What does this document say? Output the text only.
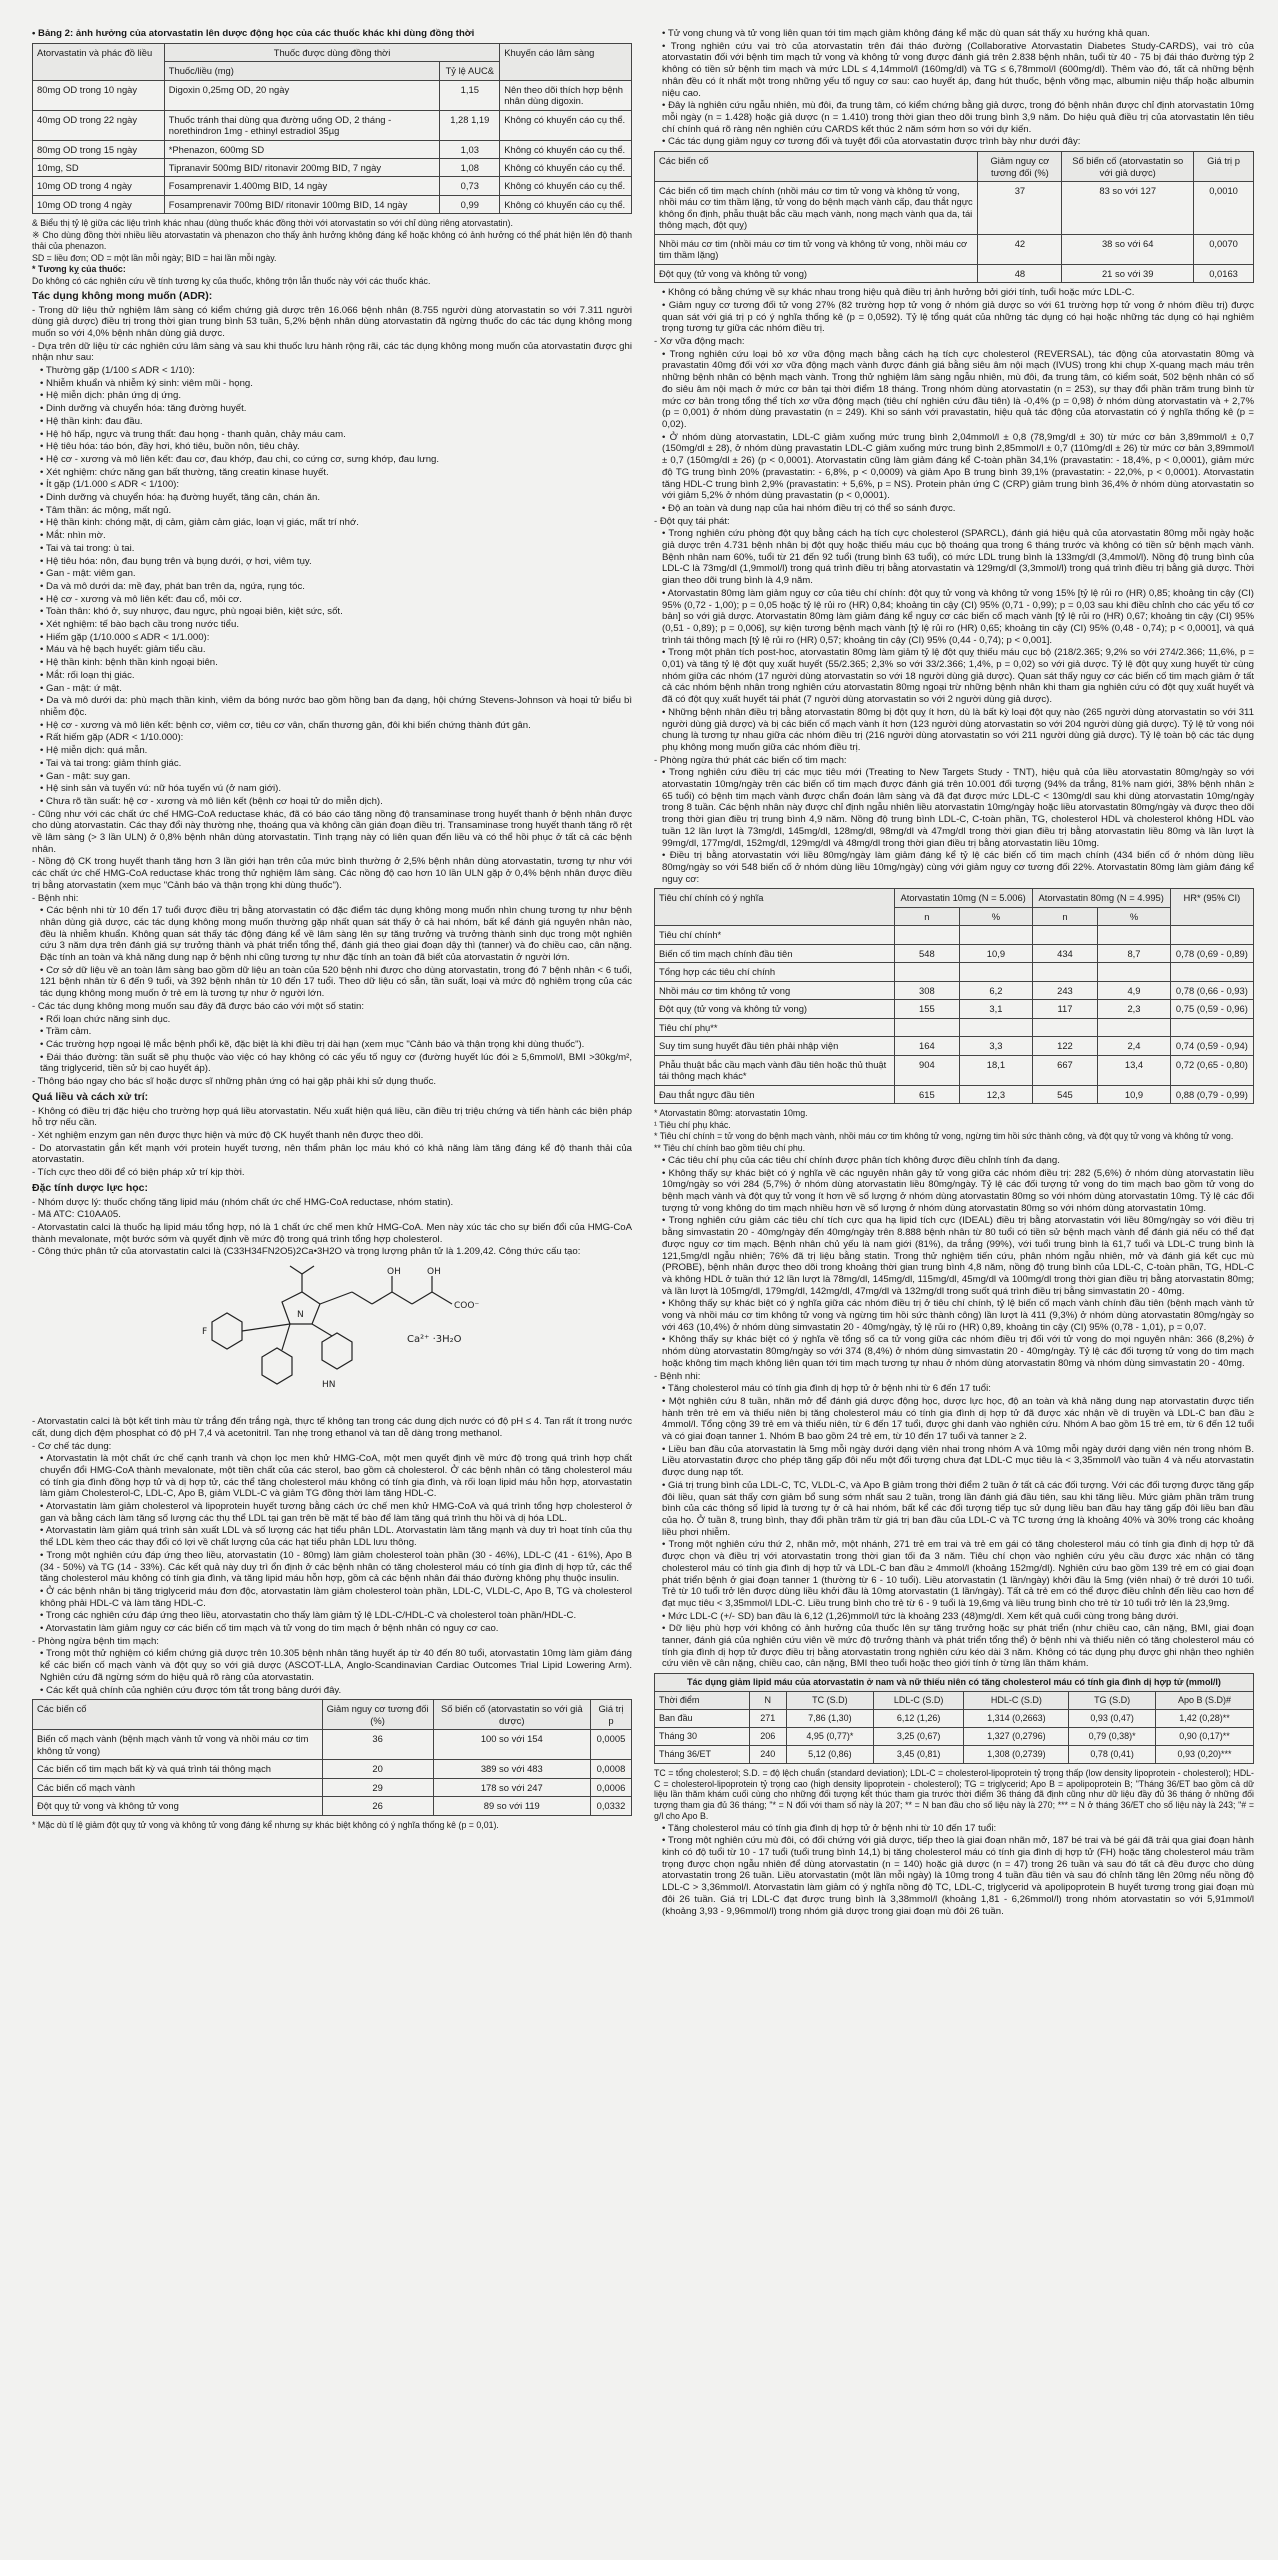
• Bảng 2: ảnh hưởng của atorvastatin lên dược động học của các thuốc khác khi dùng đồng thời

Atorvastatin và phác đồ liều	Thuốc được dùng đồng thời		Khuyến cáo lâm sàng
	Thuốc/liều (mg)	Tỷ lệ AUC&	
80mg OD trong 10 ngày	Digoxin 0,25mg OD, 20 ngày	1,15	Nên theo dõi thích hợp bệnh nhân dùng digoxin.
40mg OD trong 22 ngày	Thuốc tránh thai dùng qua đường uống OD, 2 tháng - norethindron 1mg - ethinyl estradiol 35µg	1,28 1,19	Không có khuyến cáo cụ thể.
80mg OD trong 15 ngày	*Phenazon, 600mg SD	1,03	Không có khuyến cáo cụ thể.
10mg, SD	Tipranavir 500mg BID/ ritonavir 200mg BID, 7 ngày	1,08	Không có khuyến cáo cụ thể.
10mg OD trong 4 ngày	Fosamprenavir 1.400mg BID, 14 ngày	0,73	Không có khuyến cáo cụ thể.
10mg OD trong 4 ngày	Fosamprenavir 700mg BID/ ritonavir 100mg BID, 14 ngày	0,99	Không có khuyến cáo cụ thể.

& Biểu thị tỷ lệ giữa các liệu trình khác nhau (dùng thuốc khác đồng thời với atorvastatin so với chỉ dùng riêng atorvastatin).

※ Cho dùng đồng thời nhiều liều atorvastatin và phenazon cho thấy ảnh hưởng không đáng kể hoặc không có ảnh hưởng có thể phát hiện lên độ thanh thải của phenazon.

SD = liều đơn; OD = một lần mỗi ngày; BID = hai lần mỗi ngày.

* Tương kỵ của thuốc:

Do không có các nghiên cứu về tính tương kỵ của thuốc, không trộn lẫn thuốc này với các thuốc khác.

Tác dụng không mong muốn (ADR):

- Trong dữ liệu thử nghiệm lâm sàng có kiểm chứng giả dược trên 16.066 bệnh nhân (8.755 người dùng atorvastatin so với 7.311 người dùng giả dược) điều trị trong thời gian trung bình 53 tuần, 5,2% bệnh nhân dùng atorvastatin đã ngừng thuốc do các tác dụng không mong muốn so với 4,0% bệnh nhân dùng giả dược.

- Dựa trên dữ liệu từ các nghiên cứu lâm sàng và sau khi thuốc lưu hành rộng rãi, các tác dụng không mong muốn của atorvastatin được ghi nhận như sau:

• Thường gặp (1/100 ≤ ADR < 1/10):

• Nhiễm khuẩn và nhiễm ký sinh: viêm mũi - họng.

• Hệ miễn dịch: phản ứng dị ứng.

• Dinh dưỡng và chuyển hóa: tăng đường huyết.

• Hệ thần kinh: đau đầu.

• Hệ hô hấp, ngực và trung thất: đau họng - thanh quản, chảy máu cam.

• Hệ tiêu hóa: táo bón, đầy hơi, khó tiêu, buồn nôn, tiêu chảy.

• Hệ cơ - xương và mô liên kết: đau cơ, đau khớp, đau chi, co cứng cơ, sưng khớp, đau lưng.

• Xét nghiệm: chức năng gan bất thường, tăng creatin kinase huyết.

• Ít gặp (1/1.000 ≤ ADR < 1/100):

• Dinh dưỡng và chuyển hóa: hạ đường huyết, tăng cân, chán ăn.

• Tâm thần: ác mộng, mất ngủ.

• Hệ thần kinh: chóng mặt, dị cảm, giảm cảm giác, loạn vị giác, mất trí nhớ.

• Mắt: nhìn mờ.

• Tai và tai trong: ù tai.

• Hệ tiêu hóa: nôn, đau bụng trên và bụng dưới, ợ hơi, viêm tụy.

• Gan - mật: viêm gan.

• Da và mô dưới da: mề đay, phát ban trên da, ngứa, rụng tóc.

• Hệ cơ - xương và mô liên kết: đau cổ, mỏi cơ.

• Toàn thân: khó ở, suy nhược, đau ngực, phù ngoại biên, kiệt sức, sốt.

• Xét nghiệm: tế bào bạch cầu trong nước tiểu.

• Hiếm gặp (1/10.000 ≤ ADR < 1/1.000):

• Máu và hệ bạch huyết: giảm tiểu cầu.

• Hệ thần kinh: bệnh thần kinh ngoại biên.

• Mắt: rối loạn thị giác.

• Gan - mật: ứ mật.

• Da và mô dưới da: phù mạch thần kinh, viêm da bóng nước bao gồm hồng ban đa dạng, hội chứng Stevens-Johnson và hoại tử biểu bì nhiễm độc.

• Hệ cơ - xương và mô liên kết: bệnh cơ, viêm cơ, tiêu cơ vân, chấn thương gân, đôi khi biến chứng thành đứt gân.

• Rất hiếm gặp (ADR < 1/10.000):

• Hệ miễn dịch: quá mẫn.

• Tai và tai trong: giảm thính giác.

• Gan - mật: suy gan.

• Hệ sinh sản và tuyến vú: nữ hóa tuyến vú (ở nam giới).

• Chưa rõ tần suất: hệ cơ - xương và mô liên kết (bệnh cơ hoại tử do miễn dịch).

- Cũng như với các chất ức chế HMG-CoA reductase khác, đã có báo cáo tăng nồng độ transaminase trong huyết thanh ở bệnh nhân được cho dùng atorvastatin. Các thay đổi này thường nhẹ, thoáng qua và không cần gián đoạn điều trị. Transaminase trong huyết thanh tăng rõ rệt về lâm sàng (> 3 lần ULN) ở 0,8% bệnh nhân dùng atorvastatin. Tình trạng này có liên quan đến liều và có thể hồi phục ở tất cả các bệnh nhân.

- Nồng độ CK trong huyết thanh tăng hơn 3 lần giới hạn trên của mức bình thường ở 2,5% bệnh nhân dùng atorvastatin, tương tự như với các chất ức chế HMG-CoA reductase khác trong thử nghiệm lâm sàng. Các nồng độ cao hơn 10 lần ULN gặp ở 0,4% bệnh nhân được điều trị bằng atorvastatin (xem mục "Cảnh báo và thận trọng khi dùng thuốc").

- Bệnh nhi:

• Các bệnh nhi từ 10 đến 17 tuổi được điều trị bằng atorvastatin có đặc điểm tác dụng không mong muốn nhìn chung tương tự như bệnh nhân dùng giả dược, các tác dụng không mong muốn thường gặp nhất quan sát thấy ở cả hai nhóm, bất kể đánh giá nguyên nhân nào, đều là nhiễm khuẩn. Không quan sát thấy tác động đáng kể về lâm sàng lên sự tăng trưởng và trưởng thành sinh dục trong một nghiên cứu 3 năm dựa trên đánh giá sự trưởng thành và phát triển tổng thể, đánh giá theo giai đoạn dậy thì (tanner) và đo chiều cao, cân nặng. Đặc tính an toàn và khả năng dung nạp ở bệnh nhi cũng tương tự như đặc tính an toàn đã biết của atorvastatin ở người lớn.

• Cơ sở dữ liệu về an toàn lâm sàng bao gồm dữ liệu an toàn của 520 bệnh nhi được cho dùng atorvastatin, trong đó 7 bệnh nhân < 6 tuổi, 121 bệnh nhân từ 6 đến 9 tuổi, và 392 bệnh nhân từ 10 đến 17 tuổi. Theo dữ liệu có sẵn, tần suất, loại và mức độ nghiêm trọng của các tác dụng không mong muốn ở trẻ em là tương tự như ở người lớn.

- Các tác dụng không mong muốn sau đây đã được báo cáo với một số statin:

• Rối loạn chức năng sinh dục.

• Trầm cảm.

• Các trường hợp ngoại lệ mắc bệnh phổi kẽ, đặc biệt là khi điều trị dài hạn (xem mục "Cảnh báo và thận trọng khi dùng thuốc").

• Đái tháo đường: tần suất sẽ phụ thuộc vào việc có hay không có các yếu tố nguy cơ (đường huyết lúc đói ≥ 5,6mmol/l, BMI >30kg/m², tăng triglycerid, tiền sử bị cao huyết áp).

- Thông báo ngay cho bác sĩ hoặc dược sĩ những phản ứng có hại gặp phải khi sử dụng thuốc.

Quá liều và cách xử trí:

- Không có điều trị đặc hiệu cho trường hợp quá liều atorvastatin. Nếu xuất hiện quá liều, cần điều trị triệu chứng và tiến hành các biện pháp hỗ trợ nếu cần.

- Xét nghiệm enzym gan nên được thực hiện và mức độ CK huyết thanh nên được theo dõi.

- Do atorvastatin gắn kết mạnh với protein huyết tương, nên thẩm phân lọc máu khó có khả năng làm tăng đáng kể độ thanh thải của atorvastatin.

- Tích cực theo dõi để có biện pháp xử trí kịp thời.

Đặc tính dược lực học:

- Nhóm dược lý: thuốc chống tăng lipid máu (nhóm chất ức chế HMG-CoA reductase, nhóm statin).

- Mã ATC: C10AA05.

- Atorvastatin calci là thuốc hạ lipid máu tổng hợp, nó là 1 chất ức chế men khử HMG-CoA. Men này xúc tác cho sự biến đổi của HMG-CoA thành mevalonate, một bước sớm và quyết định về mức độ trong quá trình tổng hợp cholesterol.

- Công thức phân tử của atorvastatin calci là (C33H34FN2O5)2Ca•3H2O và trọng lượng phân tử là 1.209,42. Công thức cấu tạo:

F
N
OH	OH
COO⁻
HN
Ca²⁺ ·3H₂O

- Atorvastatin calci là bột kết tinh màu từ trắng đến trắng ngà, thực tế không tan trong các dung dịch nước có độ pH ≤ 4. Tan rất ít trong nước cất, dung dịch đệm phosphat có độ pH 7,4 và acetonitril. Tan nhẹ trong ethanol và tan dễ dàng trong methanol.

- Cơ chế tác dụng:

• Atorvastatin là một chất ức chế cạnh tranh và chọn lọc men khử HMG-CoA, một men quyết định về mức độ trong quá trình hợp chất chuyển đổi HMG-CoA thành mevalonate, một tiền chất của các sterol, bao gồm cả cholesterol. Ở các bệnh nhân có tăng cholesterol máu có tính gia đình đồng hợp tử và dị hợp tử, các thể tăng cholesterol máu không có tính gia đình, và rối loạn lipid máu hỗn hợp, atorvastatin làm giảm Cholesterol-C, LDL-C, Apo B, giảm VLDL-C và giảm TG đồng thời làm tăng HDL-C.

• Atorvastatin làm giảm cholesterol và lipoprotein huyết tương bằng cách ức chế men khử HMG-CoA và quá trình tổng hợp cholesterol ở gan và bằng cách làm tăng số lượng các thụ thể LDL tại gan trên bề mặt tế bào để làm tăng quá trình thu hồi và dị hóa LDL.

• Atorvastatin làm giảm quá trình sản xuất LDL và số lượng các hạt tiểu phân LDL. Atorvastatin làm tăng mạnh và duy trì hoạt tính của thụ thể LDL kèm theo các thay đổi có lợi về chất lượng của các hạt tiểu phân LDL lưu thông.

• Trong một nghiên cứu đáp ứng theo liều, atorvastatin (10 - 80mg) làm giảm cholesterol toàn phần (30 - 46%), LDL-C (41 - 61%), Apo B (34 - 50%) và TG (14 - 33%). Các kết quả này duy trì ổn định ở các bệnh nhân có tăng cholesterol máu có tính gia đình dị hợp tử, các thể tăng cholesterol máu không có tính gia đình, và tăng lipid máu hỗn hợp, gồm cả các bệnh nhân đái tháo đường không phụ thuộc insulin.

• Ở các bệnh nhân bị tăng triglycerid máu đơn độc, atorvastatin làm giảm cholesterol toàn phần, LDL-C, VLDL-C, Apo B, TG và cholesterol không phải HDL-C và làm tăng HDL-C.

• Trong các nghiên cứu đáp ứng theo liều, atorvastatin cho thấy làm giảm tỷ lệ LDL-C/HDL-C và cholesterol toàn phần/HDL-C.

• Atorvastatin làm giảm nguy cơ các biến cố tim mạch và tử vong do tim mạch ở bệnh nhân có nguy cơ cao.

- Phòng ngừa bệnh tim mạch:

• Trong một thử nghiệm có kiểm chứng giả dược trên 10.305 bệnh nhân tăng huyết áp từ 40 đến 80 tuổi, atorvastatin 10mg làm giảm đáng kể các biến cố mạch vành và đột quỵ so với giả dược (ASCOT-LLA, Anglo-Scandinavian Cardiac Outcomes Trial Lipid Lowering Arm). Nghiên cứu đã ngừng sớm do hiệu quả rõ ràng của atorvastatin.

• Các kết quả chính của nghiên cứu được tóm tắt trong bảng dưới đây.

Các biến cố	Giảm nguy cơ tương đối (%)	Số biến cố (atorvastatin so với giả dược)	Giá trị p
Biến cố mạch vành (bệnh mạch vành tử vong và nhồi máu cơ tim không tử vong)	36	100 so với 154	0,0005
Các biến cố tim mạch bất kỳ và quá trình tái thông mạch	20	389 so với 483	0,0008
Các biến cố mạch vành	29	178 so với 247	0,0006
Đột quỵ tử vong và không tử vong	26	89 so với 119	0,0332

* Mặc dù tỉ lệ giảm đột quỵ tử vong và không tử vong đáng kể nhưng sự khác biệt không có ý nghĩa thống kê (p = 0,01).

• Tử vong chung và tử vong liên quan tới tim mạch giảm không đáng kể mặc dù quan sát thấy xu hướng khả quan.

• Trong nghiên cứu vai trò của atorvastatin trên đái tháo đường (Collaborative Atorvastatin Diabetes Study-CARDS), vai trò của atorvastatin đối với bệnh tim mạch tử vong và không tử vong được đánh giá trên 2.838 bệnh nhân, tuổi từ 40 - 75 bị đái tháo đường týp 2 không có tiền sử bệnh tim mạch và mức LDL ≤ 4,14mmol/l (160mg/dl) và TG ≤ 6,78mmol/l (600mg/dl). Thêm vào đó, tất cả những bệnh nhân đều có ít nhất một trong những yếu tố nguy cơ sau: cao huyết áp, đang hút thuốc, bệnh võng mạc, albumin niệu thấp hoặc albumin niệu cao.

• Đây là nghiên cứu ngẫu nhiên, mù đôi, đa trung tâm, có kiểm chứng bằng giả dược, trong đó bệnh nhân được chỉ định atorvastatin 10mg mỗi ngày (n = 1.428) hoặc giả dược (n = 1.410) trong thời gian theo dõi trung bình 3,9 năm. Do hiệu quả điều trị của atorvastatin lên tiêu chí chính quá rõ ràng nên nghiên cứu CARDS kết thúc 2 năm sớm hơn so với dự kiến.

• Các tác dụng giảm nguy cơ tương đối và tuyệt đối của atorvastatin được trình bày như dưới đây:

Các biến cố	Giảm nguy cơ tương đối (%)	Số biến cố (atorvastatin so với giả dược)	Giá trị p
Các biến cố tim mạch chính (nhồi máu cơ tim tử vong và không tử vong, nhồi máu cơ tim thầm lặng, tử vong do bệnh mạch vành cấp, đau thắt ngực không ổn định, phẫu thuật bắc cầu mạch vành, nong mạch vành qua da, tái thông mạch, đột quỵ)	37	83 so với 127	0,0010
Nhồi máu cơ tim (nhồi máu cơ tim tử vong và không tử vong, nhồi máu cơ tim thầm lặng)	42	38 so với 64	0,0070
Đột quỵ (tử vong và không tử vong)	48	21 so với 39	0,0163

• Không có bằng chứng về sự khác nhau trong hiệu quả điều trị ảnh hưởng bởi giới tính, tuổi hoặc mức LDL-C.

• Giảm nguy cơ tương đối tử vong 27% (82 trường hợp tử vong ở nhóm giả dược so với 61 trường hợp tử vong ở nhóm điều trị) được quan sát với giá trị p có ý nghĩa thống kê (p = 0,0592). Tỷ lệ tổng quát của những tác dụng có hại hoặc những tác dụng có hại nghiêm trọng tương tự giữa các nhóm điều trị.

- Xơ vữa động mạch:

• Trong nghiên cứu loại bỏ xơ vữa động mạch bằng cách hạ tích cực cholesterol (REVERSAL), tác động của atorvastatin 80mg và pravastatin 40mg đối với xơ vữa động mạch vành được đánh giá bằng siêu âm nội mạch (IVUS) trong khi chụp X-quang mạch máu trên những bệnh nhân có bệnh mạch vành. Trong thử nghiệm lâm sàng ngẫu nhiên, mù đôi, đa trung tâm, có kiểm soát, 502 bệnh nhân có số đo siêu âm nội mạch ở mức cơ bản tại thời điểm 18 tháng. Trong nhóm dùng atorvastatin (n = 253), sự thay đổi phần trăm trung bình từ mức cơ bản trong tổng thể tích xơ vữa động mạch (tiêu chí nghiên cứu đầu tiên) là -0,4% (p = 0,98) ở nhóm dùng atorvastatin và + 2,7% (p = 0,001) ở nhóm dùng pravastatin (n = 249). Khi so sánh với pravastatin, hiệu quả tác động của atorvastatin có ý nghĩa thống kê (p = 0,02).

• Ở nhóm dùng atorvastatin, LDL-C giảm xuống mức trung bình 2,04mmol/l ± 0,8 (78,9mg/dl ± 30) từ mức cơ bản 3,89mmol/l ± 0,7 (150mg/dl ± 28), ở nhóm dùng pravastatin LDL-C giảm xuống mức trung bình 2,85mmol/l ± 0,7 (110mg/dl ± 26) từ mức cơ bản 3,89mmol/l ± 0,7 (150mg/dl ± 26) (p < 0,0001). Atorvastatin cũng làm giảm đáng kể C-toàn phần 34,1% (pravastatin: - 18,4%, p < 0,0001), giảm mức độ TG trung bình 20% (pravastatin: - 6,8%, p < 0,0009) và giảm Apo B trung bình 39,1% (pravastatin: - 22,0%, p < 0,0001). Atorvastatin tăng HDL-C trung bình 2,9% (pravastatin: + 5,6%, p = NS). Protein phản ứng C (CRP) giảm trung bình 36,4% ở nhóm dùng atorvastatin so với giảm 5,2% ở nhóm dùng pravastatin (p < 0,0001).

• Độ an toàn và dung nạp của hai nhóm điều trị có thể so sánh được.

- Đột quỵ tái phát:

• Trong nghiên cứu phòng đột quỵ bằng cách hạ tích cực cholesterol (SPARCL), đánh giá hiệu quả của atorvastatin 80mg mỗi ngày hoặc giả dược trên 4.731 bệnh nhân bị đột quỵ hoặc thiếu máu cục bộ thoáng qua trong 6 tháng trước và không có tiền sử bệnh mạch vành. Bệnh nhân nam 60%, tuổi từ 21 đến 92 tuổi (trung bình 63 tuổi), có mức LDL trung bình là 133mg/dl (3,4mmol/l). Nồng độ trung bình của LDL-C là 73mg/dl (1,9mmol/l) trong quá trình điều trị bằng atorvastatin và 129mg/dl (3,3mmol/l) trong quá trình điều trị bằng giả dược. Thời gian theo dõi trung bình là 4,9 năm.

• Atorvastatin 80mg làm giảm nguy cơ của tiêu chí chính: đột quỵ tử vong và không tử vong 15% [tỷ lệ rủi ro (HR) 0,85; khoảng tin cậy (CI) 95% (0,72 - 1,00); p = 0,05 hoặc tỷ lệ rủi ro (HR) 0,84; khoảng tin cậy (CI) 95% (0,71 - 0,99); p = 0,03 sau khi điều chỉnh cho các yếu tố cơ bản] so với giả dược. Atorvastatin 80mg làm giảm đáng kể nguy cơ các biến cố mạch vành [tỷ lệ rủi ro (HR) 0,67; khoảng tin cậy (CI) 95% (0,51 - 0,89); p = 0,006], sự kiện tương bệnh mạch vành [tỷ lệ rủi ro (HR) 0,65; khoảng tin cậy (CI) 95% (0,48 - 0,74); p < 0,0001], và quá trình tái thông mạch [tỷ lệ rủi ro (HR) 0,57; khoảng tin cậy (CI) 95% (0,44 - 0,74); p < 0,001].

• Trong một phân tích post-hoc, atorvastatin 80mg làm giảm tỷ lệ đột quỵ thiếu máu cục bộ (218/2.365; 9,2% so với 274/2.366; 11,6%, p = 0,01) và tăng tỷ lệ đột quỵ xuất huyết (55/2.365; 2,3% so với 33/2.366; 1,4%, p = 0,02) so với giả dược. Tỷ lệ đột quỵ xung huyết từ cùng nhóm giữa các nhóm (17 người dùng atorvastatin so với 18 người dùng giả dược). Quan sát thấy nguy cơ các biến cố tim mạch giảm ở tất cả các nhóm bệnh nhân trong nghiên cứu atorvastatin 80mg ngoại trừ những bệnh nhân khi tham gia nghiên cứu có đột quỵ xuất huyết và đã có đột quỵ xuất huyết tái phát (7 người dùng atorvastatin so với 2 người dùng giả dược).

• Những bệnh nhân điều trị bằng atorvastatin 80mg bị đột quỵ ít hơn, dù là bất kỳ loại đột quỵ nào (265 người dùng atorvastatin so với 311 người dùng giả dược) và bị các biến cố mạch vành ít hơn (123 người dùng atorvastatin so với 204 người dùng giả dược). Tỷ lệ tử vong nói chung là tương tự nhau giữa các nhóm điều trị (216 người dùng atorvastatin so với 211 người dùng giả dược). Tỷ lệ toàn bộ các tác dụng phụ không mong muốn giữa các nhóm điều trị.

- Phòng ngừa thứ phát các biến cố tim mạch:

• Trong nghiên cứu điều trị các mục tiêu mới (Treating to New Targets Study - TNT), hiệu quả của liều atorvastatin 80mg/ngày so với atorvastatin 10mg/ngày trên các biến cố tim mạch được đánh giá trên 10.001 đối tượng (94% da trắng, 81% nam giới, 38% bệnh nhân ≥ 65 tuổi) có bệnh tim mạch vành được chẩn đoán lâm sàng và đã đạt được mức LDL-C < 130mg/dl sau khi dùng atorvastatin 10mg/ngày trong 8 tuần. Các bệnh nhân này được chỉ định ngẫu nhiên liều atorvastatin 10mg/ngày hoặc liều atorvastatin 80mg/ngày và được theo dõi trong thời gian điều trị trung bình 4,9 năm. Nồng độ trung bình LDL-C, C-toàn phần, TG, cholesterol HDL và cholesterol không HDL vào tuần 12 lần lượt là 73mg/dl, 145mg/dl, 128mg/dl, 98mg/dl và 47mg/dl trong thời gian điều trị bằng atorvastatin liều 80mg và lần lượt là 99mg/dl, 177mg/dl, 152mg/dl, 129mg/dl và 48mg/dl trong thời gian điều trị bằng atorvastatin liều 10mg.

• Điều trị bằng atorvastatin với liều 80mg/ngày làm giảm đáng kể tỷ lệ các biến cố tim mạch chính (434 biến cố ở nhóm dùng liều 80mg/ngày so với 548 biến cố ở nhóm dùng liều 10mg/ngày) cùng với giảm nguy cơ tương đối 22%. Atorvastatin 80mg làm giảm đáng kể nguy cơ:

Tiêu chí chính có ý nghĩa	Atorvastatin 10mg (N = 5.006)		Atorvastatin 80mg (N = 4.995)		HR* (95% CI)
	n	%	n	%	
Tiêu chí chính*					
Biến cố tim mạch chính đầu tiên	548	10,9	434	8,7	0,78 (0,69 - 0,89)
Tổng hợp các tiêu chí chính					
Nhồi máu cơ tim không tử vong	308	6,2	243	4,9	0,78 (0,66 - 0,93)
Đột quỵ (tử vong và không tử vong)	155	3,1	117	2,3	0,75 (0,59 - 0,96)
Tiêu chí phụ**					
Suy tim sung huyết đầu tiên phải nhập viện	164	3,3	122	2,4	0,74 (0,59 - 0,94)
Phẫu thuật bắc cầu mạch vành đầu tiên hoặc thủ thuật tái thông mạch khác*	904	18,1	667	13,4	0,72 (0,65 - 0,80)
Đau thắt ngực đầu tiên	615	12,3	545	10,9	0,88 (0,79 - 0,99)

* Atorvastatin 80mg: atorvastatin 10mg.

¹ Tiêu chí phụ khác.

* Tiêu chí chính = tử vong do bệnh mạch vành, nhồi máu cơ tim không tử vong, ngừng tim hồi sức thành công, và đột quỵ tử vong và không tử vong.

** Tiêu chí chính bao gồm tiêu chí phụ.

• Các tiêu chí phụ của các tiêu chí chính được phân tích không được điều chỉnh tính đa dạng.

• Không thấy sự khác biệt có ý nghĩa về các nguyên nhân gây tử vong giữa các nhóm điều trị: 282 (5,6%) ở nhóm dùng atorvastatin liều 10mg/ngày so với 284 (5,7%) ở nhóm dùng atorvastatin liều 80mg/ngày. Tỷ lệ các đối tượng tử vong do tim mạch bao gồm tử vong do bệnh mạch vành và đột quỵ tử vong ít hơn về số lượng ở nhóm dùng atorvastatin 80mg so với nhóm dùng atorvastatin 10mg. Tỷ lệ các đối tượng tử vong không do tim mạch nhiều hơn về số lượng ở nhóm dùng atorvastatin 80mg so với nhóm dùng atorvastatin 10mg.

• Trong nghiên cứu giảm các tiêu chí tích cực qua hạ lipid tích cực (IDEAL) điều trị bằng atorvastatin với liều 80mg/ngày so với điều trị bằng simvastatin 20 - 40mg/ngày đến 40mg/ngày trên 8.888 bệnh nhân từ 80 tuổi có tiền sử bệnh mạch vành để đánh giá nếu có thể đạt được nguy cơ tim mạch. Bệnh nhân chủ yếu là nam giới (81%), da trắng (99%), với tuổi trung bình là 61,7 tuổi và LDL-C trung bình là 121,5mg/dl ngẫu nhiên; 76% đã trị liệu bằng statin. Trong thử nghiệm tiến cứu, phân nhóm ngẫu nhiên, mở và đánh giá kết cục mù (PROBE), bệnh nhân được theo dõi trong khoảng thời gian trung bình 4,8 năm, nồng độ trung bình của LDL-C, C-toàn phần, TG, HDL-C và không HDL ở tuần thứ 12 lần lượt là 78mg/dl, 145mg/dl, 115mg/dl, 45mg/dl và 100mg/dl trong thời gian điều trị bằng atorvastatin 80mg; và lần lượt là 105mg/dl, 179mg/dl, 142mg/dl, 47mg/dl và 132mg/dl trong suốt quá trình điều trị bằng simvastatin 20 - 40mg.

• Không thấy sự khác biệt có ý nghĩa giữa các nhóm điều trị ở tiêu chí chính, tỷ lệ biến cố mạch vành chính đầu tiên (bệnh mạch vành tử vong và nhồi máu cơ tim không tử vong và ngừng tim hồi sức thành công) lần lượt là 411 (9,3%) ở nhóm dùng atorvastatin 80mg/ngày so với 463 (10,4%) ở nhóm dùng simvastatin 20 - 40mg/ngày, tỷ lệ rủi ro (HR) 0,89, khoảng tin cậy (CI) 95% (0,78 - 1,01), p = 0,07.

• Không thấy sự khác biệt có ý nghĩa về tổng số ca tử vong giữa các nhóm điều trị đối với tử vong do mọi nguyên nhân: 366 (8,2%) ở nhóm dùng atorvastatin 80mg/ngày so với 374 (8,4%) ở nhóm dùng simvastatin 20 - 40mg/ngày. Tỷ lệ các đối tượng tử vong do tim mạch hoặc không tim mạch không liên quan tới tim mạch tương tự nhau ở nhóm dùng atorvastatin 80mg và nhóm dùng simvastatin 20 - 40mg.

- Bệnh nhi:

• Tăng cholesterol máu có tính gia đình dị hợp tử ở bệnh nhi từ 6 đến 17 tuổi:

• Một nghiên cứu 8 tuần, nhãn mở để đánh giá dược động học, dược lực học, độ an toàn và khả năng dung nạp atorvastatin được tiến hành trên trẻ em và thiếu niên bị tăng cholesterol máu có tính gia đình dị hợp tử đã được xác nhận về di truyền và LDL-C ban đầu ≥ 4mmol/l. Tổng cộng 39 trẻ em và thiếu niên, từ 6 đến 17 tuổi, được ghi danh vào nghiên cứu. Nhóm A bao gồm 15 trẻ em, từ 6 đến 12 tuổi và có giai đoạn tanner 1. Nhóm B bao gồm 24 trẻ em, từ 10 đến 17 tuổi và tanner ≥ 2.

• Liều ban đầu của atorvastatin là 5mg mỗi ngày dưới dạng viên nhai trong nhóm A và 10mg mỗi ngày dưới dạng viên nén trong nhóm B. Liều atorvastatin được cho phép tăng gấp đôi nếu một đối tượng chưa đạt LDL-C mục tiêu là < 3,35mmol/l vào tuần 4 và nếu atorvastatin được dung nạp tốt.

• Giá trị trung bình của LDL-C, TC, VLDL-C, và Apo B giảm trong thời điểm 2 tuần ở tất cả các đối tượng. Với các đối tượng được tăng gấp đôi liều, quan sát thấy cơn giảm bổ sung sớm nhất sau 2 tuần, trong lần đánh giá đầu tiên, sau khi tăng liều. Mức giảm phần trăm trung bình của các thông số lipid là tương tự ở cả hai nhóm, bất kể các đối tượng tiếp tục sử dụng liều ban đầu hay tăng gấp đôi liều ban đầu của họ. Ở tuần 8, trung bình, thay đổi phần trăm từ giá trị ban đầu của LDL-C và TC tương ứng là khoảng 40% và 30% trong các khoảng liều phơi nhiễm.

• Trong một nghiên cứu thứ 2, nhãn mở, một nhánh, 271 trẻ em trai và trẻ em gái có tăng cholesterol máu có tính gia đình dị hợp tử đã được chọn và điều trị với atorvastatin trong thời gian tối đa 3 năm. Tiêu chí chọn vào nghiên cứu yêu cầu được xác nhận có tăng cholesterol máu có tính gia đình dị hợp tử và LDL-C ban đầu ≥ 4mmol/l (khoảng 152mg/dl). Nghiên cứu bao gồm 139 trẻ em có giai đoạn phát triển bệnh ở giai đoạn tanner 1 (thường từ 6 - 10 tuổi). Liều atorvastatin (1 lần/ngày) khởi đầu là 5mg (viên nhai) ở trẻ dưới 10 tuổi. Trẻ từ 10 tuổi trở lên được dùng liều khởi đầu là 10mg atorvastatin (1 lần/ngày). Tất cả trẻ em có thể được điều chỉnh đến liều cao hơn để đạt mục tiêu < 3,35mmol/l LDL-C. Liều trung bình cho trẻ từ 6 - 9 tuổi là 19,6mg và liều trung bình cho trẻ từ 10 tuổi trở lên là 23,9mg.

• Mức LDL-C (+/- SD) ban đầu là 6,12 (1,26)mmol/l tức là khoảng 233 (48)mg/dl. Xem kết quả cuối cùng trong bảng dưới.

• Dữ liệu phù hợp với không có ảnh hưởng của thuốc lên sự tăng trưởng hoặc sự phát triển (như chiều cao, cân nặng, BMI, giai đoạn tanner, đánh giá của nghiên cứu viên về mức độ trưởng thành và phát triển tổng thể) ở bệnh nhi và thiếu niên có tăng cholesterol máu có tính gia đình dị hợp tử được điều trị bằng atorvastatin trong nghiên cứu kéo dài 3 năm. Không có tác dụng phụ được ghi nhận theo nghiên cứu viên về cân nặng, chiều cao, cân nặng, BMI theo tuổi hoặc theo giới tính ở từng lần thăm khám.

Tác dụng giảm lipid máu của atorvastatin ở nam và nữ thiếu niên có tăng cholesterol máu có tính gia đình dị hợp tử (mmol/l)						
Thời điểm	N	TC (S.D)	LDL-C (S.D)	HDL-C (S.D)	TG (S.D)	Apo B (S.D)#
Ban đầu	271	7,86 (1,30)	6,12 (1,26)	1,314 (0,2663)	0,93 (0,47)	1,42 (0,28)**
Tháng 30	206	4,95 (0,77)*	3,25 (0,67)	1,327 (0,2796)	0,79 (0,38)*	0,90 (0,17)**
Tháng 36/ET	240	5,12 (0,86)	3,45 (0,81)	1,308 (0,2739)	0,78 (0,41)	0,93 (0,20)***

TC = tổng cholesterol; S.D. = độ lệch chuẩn (standard deviation); LDL-C = cholesterol-lipoprotein tỷ trọng thấp (low density lipoprotein - cholesterol); HDL-C = cholesterol-lipoprotein tỷ trọng cao (high density lipoprotein - cholesterol); TG = triglycerid; Apo B = apolipoprotein B; "Tháng 36/ET bao gồm cả dữ liệu lần thăm khám cuối cùng cho những đối tượng kết thúc tham gia trước thời điểm 36 tháng đã định cũng như dữ liệu đầy đủ 36 tháng ở những đối tượng tham gia đủ 36 tháng; "* = N đối với tham số này là 207; ** = N ban đầu cho số liệu này là 270; *** = N ở tháng 36/ET cho số liệu này là 243; "# = g/l cho Apo B.

• Tăng cholesterol máu có tính gia đình dị hợp tử ở bệnh nhi từ 10 đến 17 tuổi:

• Trong một nghiên cứu mù đôi, có đối chứng với giả dược, tiếp theo là giai đoạn nhãn mở, 187 bé trai và bé gái đã trải qua giai đoạn hành kinh có độ tuổi từ 10 - 17 tuổi (tuổi trung bình 14,1) bị tăng cholesterol máu có tính gia đình dị hợp tử (FH) hoặc tăng cholesterol máu trầm trọng được chọn ngẫu nhiên để dùng atorvastatin (n = 140) hoặc giả dược (n = 47) trong 26 tuần và sau đó tất cả đều được cho dùng atorvastatin trong 26 tuần. Liều atorvastatin (một lần mỗi ngày) là 10mg trong 4 tuần đầu tiên và sau đó chỉnh tăng lên 20mg nếu nồng độ LDL-C > 3,36mmol/l. Atorvastatin làm giảm có ý nghĩa nồng độ TC, LDL-C, triglycerid và apolipoprotein B huyết tương trong giai đoạn mù đôi 26 tuần. Giá trị LDL-C đạt được trung bình là 3,38mmol/l (khoảng 1,81 - 6,26mmol/l) trong nhóm atorvastatin so với 5,91mmol/l (khoảng 3,93 - 9,96mmol/l) trong nhóm giả dược trong giai đoạn mù đôi 26 tuần.
